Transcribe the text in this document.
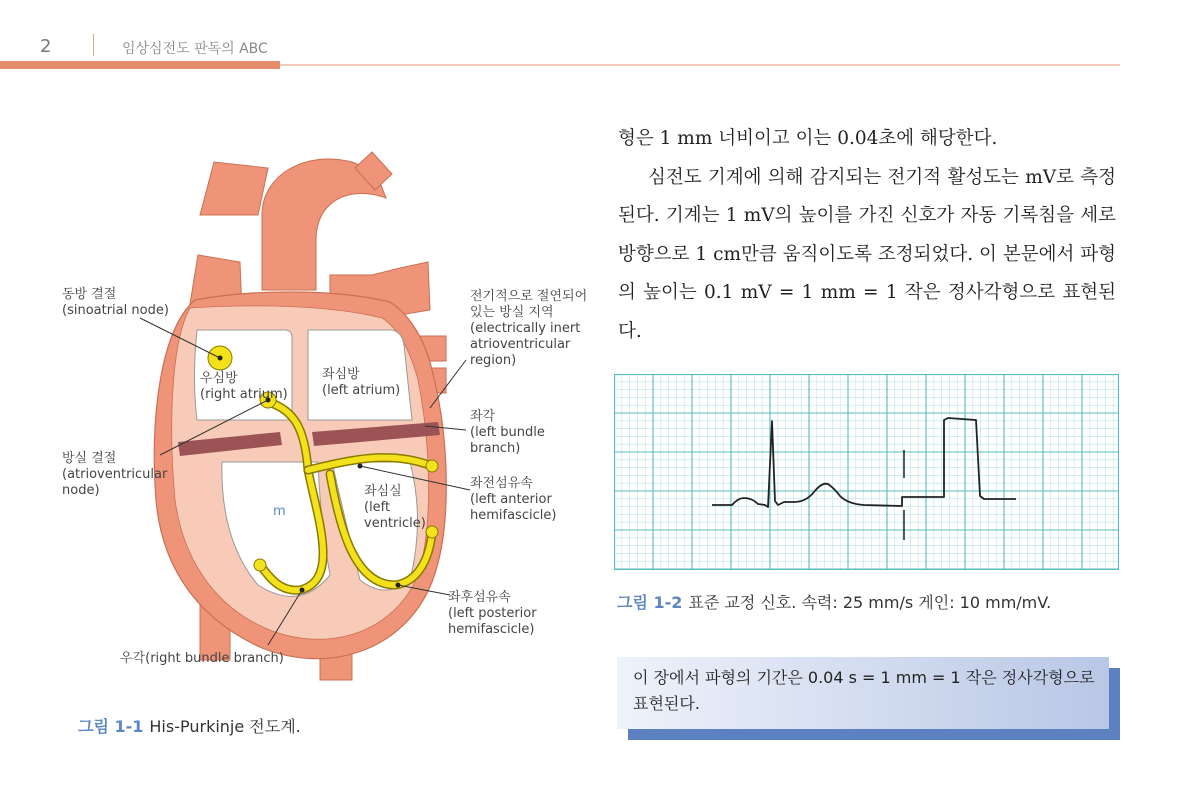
2	임상심전도 판독의 ABC
동방 결절
(sinoatrial node)
우심방
(right atrium)
좌심방
(left atrium)
전기적으로 절연되어
있는 방실 지역
(electrically inert
atrioventricular
region)
좌각
(left bundle
branch)
방실 결절
(atrioventricular
node)
m
좌심실
(left
ventricle)
좌전섬유속
(left anterior
hemifascicle)
좌후섬유속
(left posterior
hemifascicle)
우각(right bundle branch)
그림 1-1 His-Purkinje 전도계.

형은 1 mm 너비이고 이는 0.04초에 해당한다.

심전도 기계에 의해 감지되는 전기적 활성도는 mV로 측정된다. 기계는 1 mV의 높이를 가진 신호가 자동 기록침을 세로방향으로 1 cm만큼 움직이도록 조정되었다. 이 본문에서 파형의 높이는 0.1 mV = 1 mm = 1 작은 정사각형으로 표현된다.

그림 1-2 표준 교정 신호. 속력: 25 mm/s 게인: 10 mm/mV.
이 장에서 파형의 기간은 0.04 s = 1 mm = 1 작은 정사각형으로 표현된다.
